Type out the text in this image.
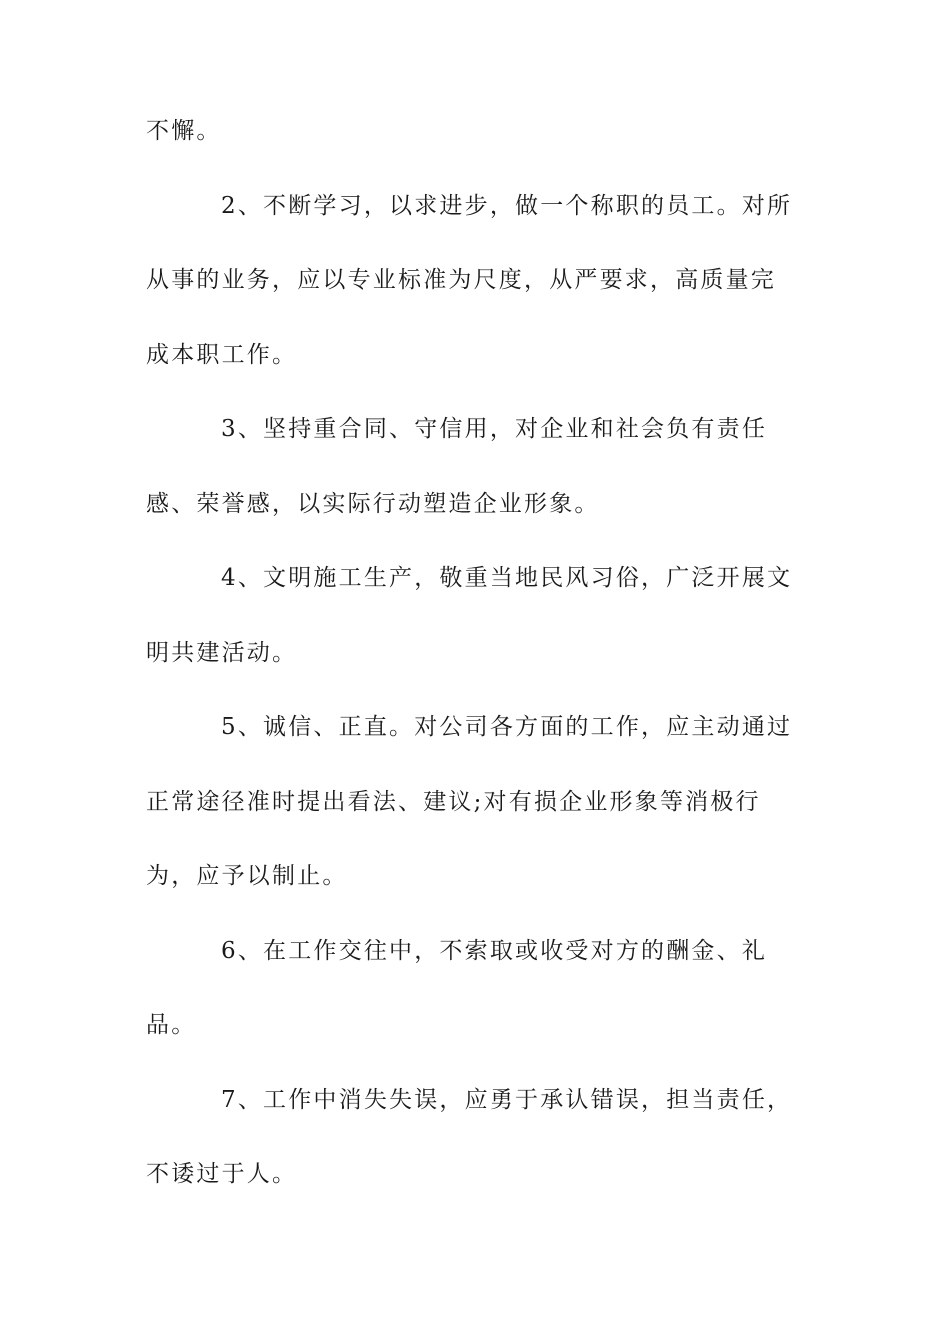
不懈。
2、不断学习，以求进步，做一个称职的员工。对所
从事的业务，应以专业标准为尺度，从严要求，高质量完
成本职工作。
3、坚持重合同、守信用，对企业和社会负有责任
感、荣誉感，以实际行动塑造企业形象。
4、文明施工生产，敬重当地民风习俗，广泛开展文
明共建活动。
5、诚信、正直。对公司各方面的工作，应主动通过
正常途径准时提出看法、建议;对有损企业形象等消极行
为，应予以制止。
6、在工作交往中，不索取或收受对方的酬金、礼
品。
7、工作中消失失误，应勇于承认错误，担当责任，
不诿过于人。
